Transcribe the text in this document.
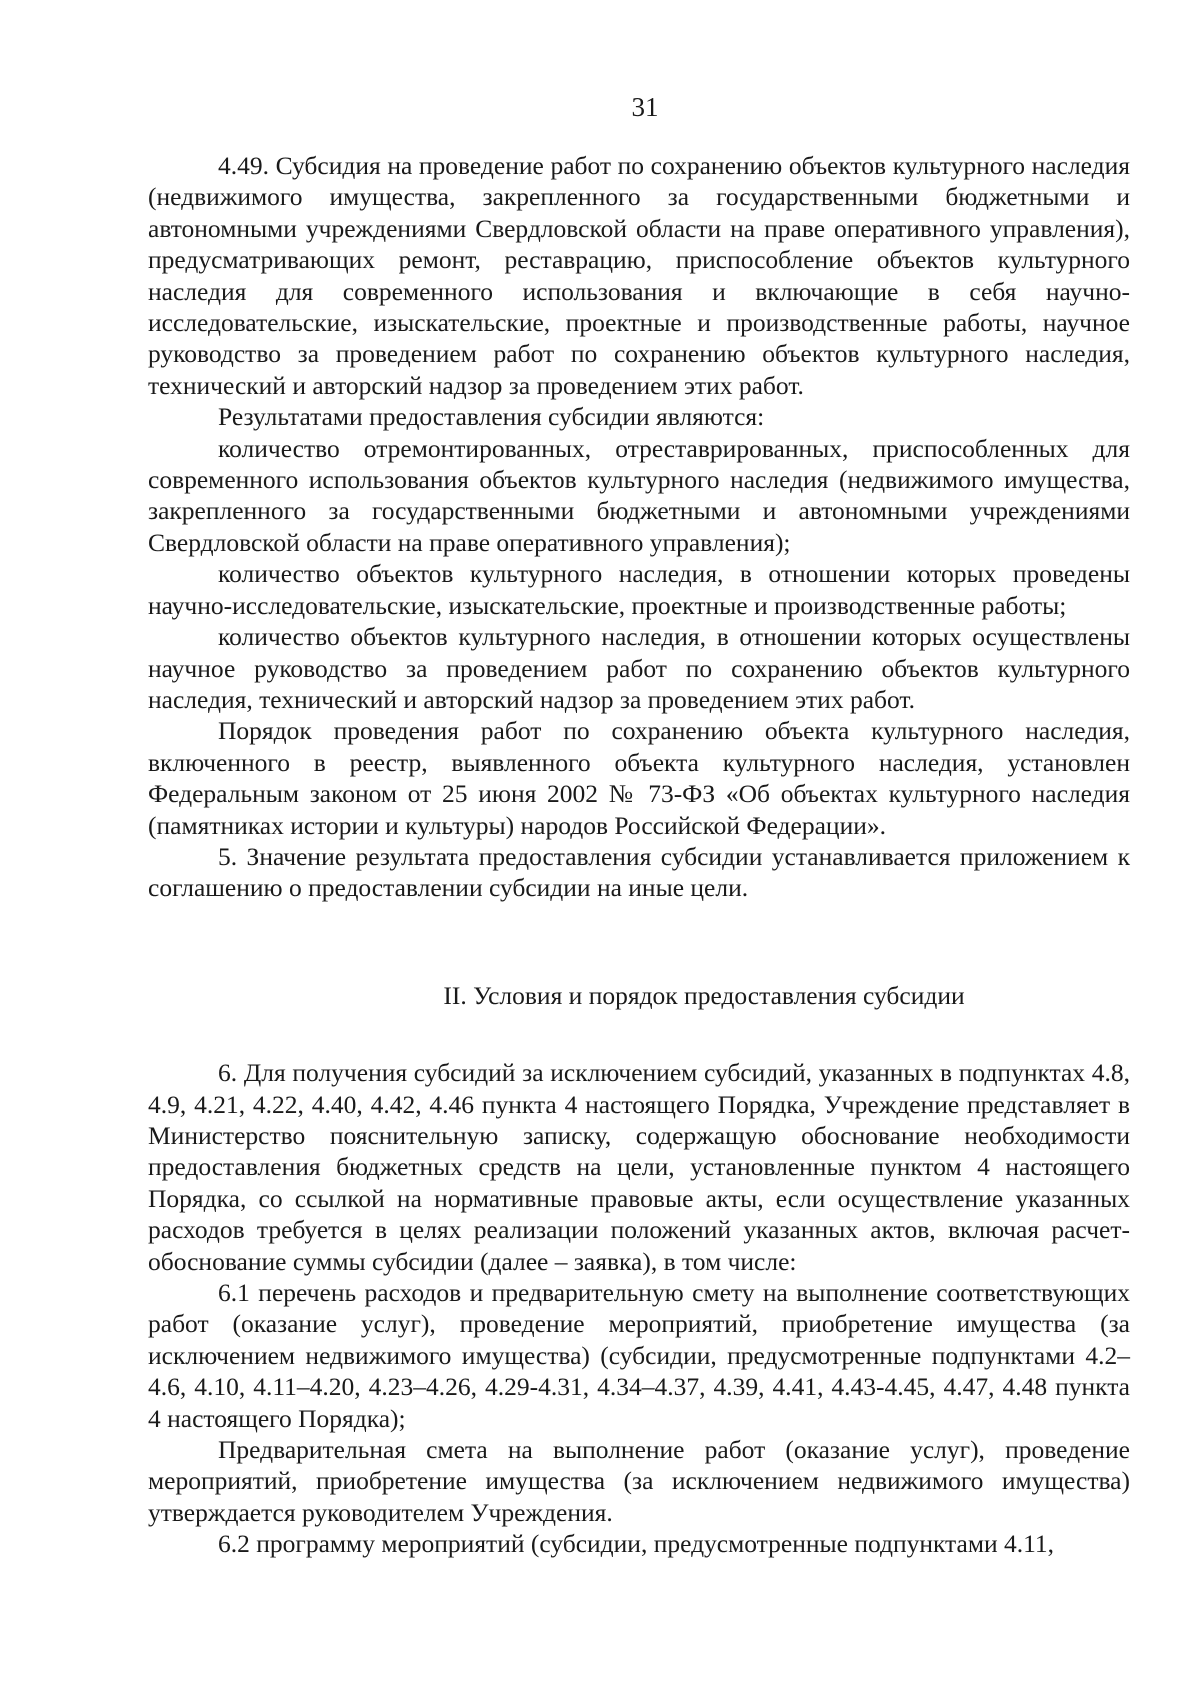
31

4.49. Субсидия на проведение работ по сохранению объектов культурного наследия (недвижимого имущества, закрепленного за государственными бюджетными и автономными учреждениями Свердловской области на праве оперативного управления), предусматривающих ремонт, реставрацию, приспособление объектов культурного наследия для современного использования и включающие в себя научно-исследовательские, изыскательские, проектные и производственные работы, научное руководство за проведением работ по сохранению объектов культурного наследия, технический и авторский надзор за проведением этих работ.

Результатами предоставления субсидии являются:

количество отремонтированных, отреставрированных, приспособленных для современного использования объектов культурного наследия (недвижимого имущества, закрепленного за государственными бюджетными и автономными учреждениями Свердловской области на праве оперативного управления);

количество объектов культурного наследия, в отношении которых проведены научно-исследовательские, изыскательские, проектные и производственные работы;

количество объектов культурного наследия, в отношении которых осуществлены научное руководство за проведением работ по сохранению объектов культурного наследия, технический и авторский надзор за проведением этих работ.

Порядок проведения работ по сохранению объекта культурного наследия, включенного в реестр, выявленного объекта культурного наследия, установлен Федеральным законом от 25 июня 2002 № 73-ФЗ «Об объектах культурного наследия (памятниках истории и культуры) народов Российской Федерации».

5. Значение результата предоставления субсидии устанавливается приложением к соглашению о предоставлении субсидии на иные цели.

II. Условия и порядок предоставления субсидии

6. Для получения субсидий за исключением субсидий, указанных в подпунктах 4.8, 4.9, 4.21, 4.22, 4.40, 4.42, 4.46 пункта 4 настоящего Порядка, Учреждение представляет в Министерство пояснительную записку, содержащую обоснование необходимости предоставления бюджетных средств на цели, установленные пунктом 4 настоящего Порядка, со ссылкой на нормативные правовые акты, если осуществление указанных расходов требуется в целях реализации положений указанных актов, включая расчет-обоснование суммы субсидии (далее – заявка), в том числе:

6.1 перечень расходов и предварительную смету на выполнение соответствующих работ (оказание услуг), проведение мероприятий, приобретение имущества (за исключением недвижимого имущества) (субсидии, предусмотренные подпунктами 4.2–4.6, 4.10, 4.11–4.20, 4.23–4.26, 4.29-4.31, 4.34–4.37, 4.39, 4.41, 4.43-4.45, 4.47, 4.48 пункта 4 настоящего Порядка);

Предварительная смета на выполнение работ (оказание услуг), проведение мероприятий, приобретение имущества (за исключением недвижимого имущества) утверждается руководителем Учреждения.

6.2 программу мероприятий (субсидии, предусмотренные подпунктами 4.11,
